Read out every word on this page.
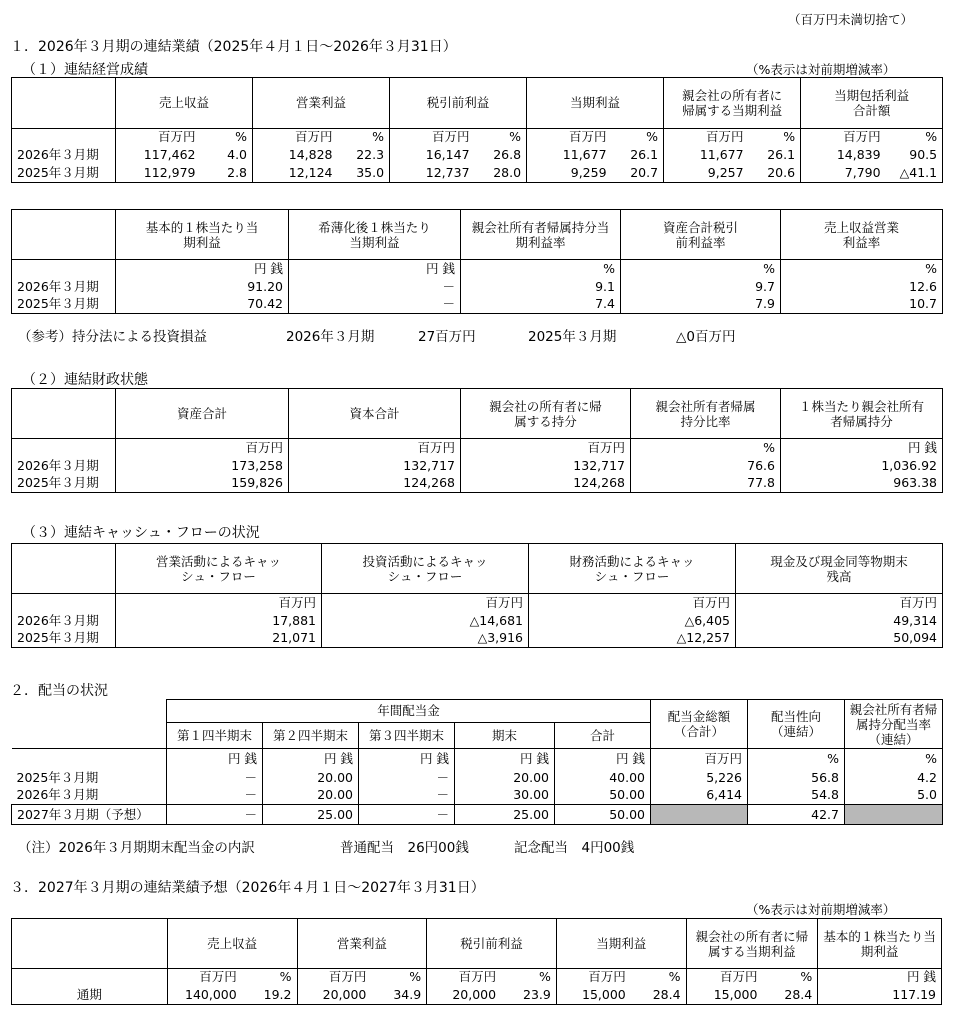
（百万円未満切捨て）
１．2026年３月期の連結業績（2025年４月１日～2026年３月31日）
（１）連結経営成績	（%表示は対前期増減率）
	売上収益		営業利益		税引前利益		当期利益		親会社の所有者に帰属する当期利益		当期包括利益合計額	
	百万円	%	百万円	%	百万円	%	百万円	%	百万円	%	百万円	%
2026年３月期	117,462	4.0	14,828	22.3	16,147	26.8	11,677	26.1	11,677	26.1	14,839	90.5
2025年３月期	112,979	2.8	12,124	35.0	12,737	28.0	9,259	20.7	9,257	20.6	7,790	△41.1
	基本的１株当たり当期利益	希薄化後１株当たり当期利益	親会社所有者帰属持分当期利益率	資産合計税引前利益率	売上収益営業利益率
	円 銭	円 銭	%	%	%
2026年３月期	91.20	－	9.1	9.7	12.6
2025年３月期	70.42	－	7.4	7.9	10.7
（参考）持分法による投資損益	2026年３月期	27百万円	2025年３月期	△0百万円
（２）連結財政状態
	資産合計	資本合計	親会社の所有者に帰属する持分	親会社所有者帰属持分比率	１株当たり親会社所有者帰属持分
	百万円	百万円	百万円	%	円 銭
2026年３月期	173,258	132,717	132,717	76.6	1,036.92
2025年３月期	159,826	124,268	124,268	77.8	963.38
（３）連結キャッシュ・フローの状況
	営業活動によるキャッシュ・フロー	投資活動によるキャッシュ・フロー	財務活動によるキャッシュ・フロー	現金及び現金同等物期末残高
	百万円	百万円	百万円	百万円
2026年３月期	17,881	△14,681	△6,405	49,314
2025年３月期	21,071	△3,916	△12,257	50,094
２．配当の状況
	年間配当金					配当金総額（合計）	配当性向（連結）	親会社所有者帰属持分配当率（連結）
	第１四半期末	第２四半期末	第３四半期末	期末	合計			
	円 銭	円 銭	円 銭	円 銭	円 銭	百万円	%	%
2025年３月期	－	20.00	－	20.00	40.00	5,226	56.8	4.2
2026年３月期	－	20.00	－	30.00	50.00	6,414	54.8	5.0
2027年３月期（予想）	－	25.00	－	25.00	50.00		42.7	
（注）2026年３月期期末配当金の内訳	普通配当　26円00銭	記念配当　4円00銭
３．2027年３月期の連結業績予想（2026年４月１日～2027年３月31日）
（%表示は対前期増減率）
	売上収益		営業利益		税引前利益		当期利益		親会社の所有者に帰属する当期利益		基本的１株当たり当期利益
	百万円	%	百万円	%	百万円	%	百万円	%	百万円	%	円 銭
通期	140,000	19.2	20,000	34.9	20,000	23.9	15,000	28.4	15,000	28.4	117.19
